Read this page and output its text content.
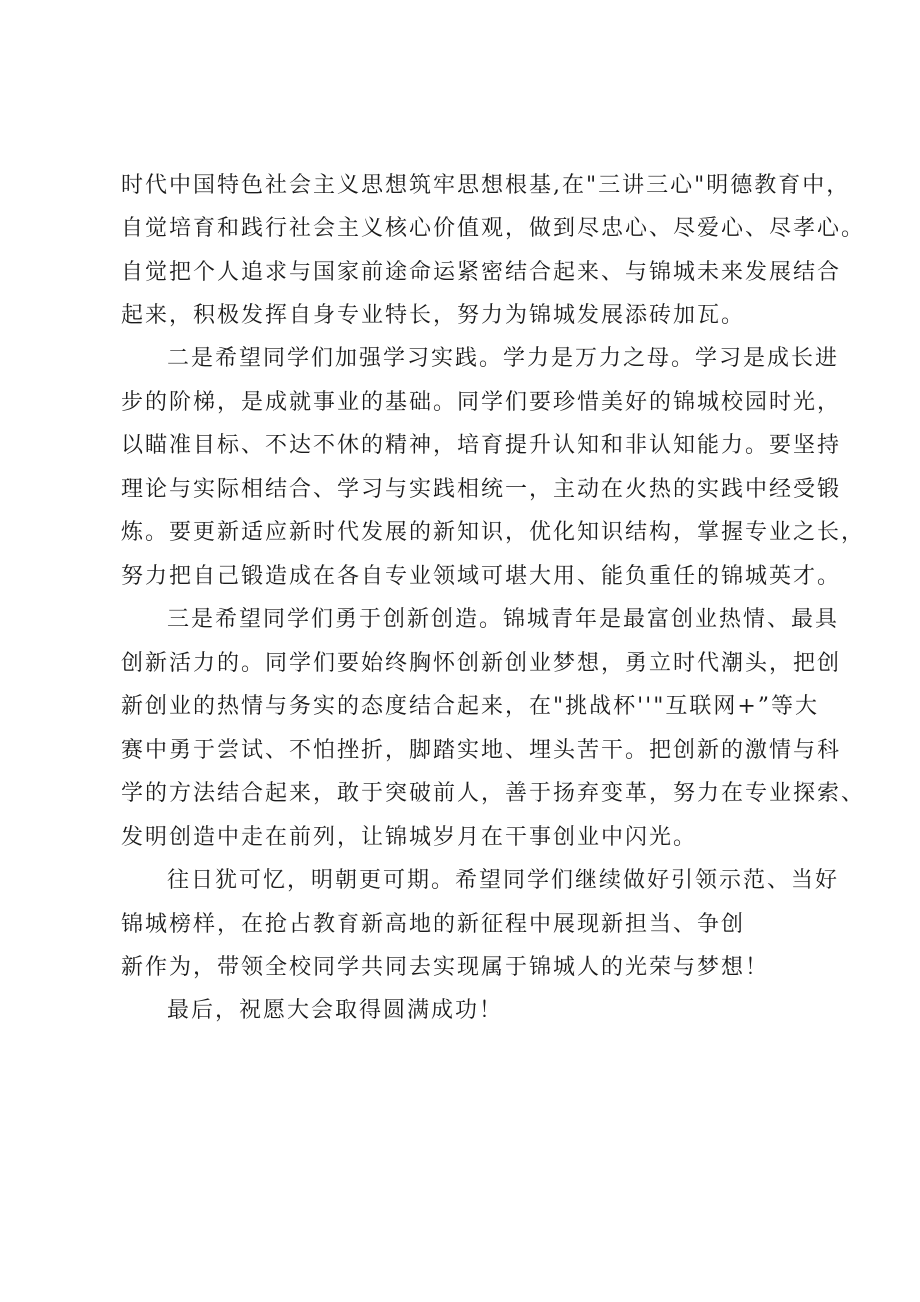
时代中国特色社会主义思想筑牢思想根基,在"三讲三心"明德教育中，
自觉培育和践行社会主义核心价值观，做到尽忠心、尽爱心、尽孝心。
自觉把个人追求与国家前途命运紧密结合起来、与锦城未来发展结合
起来，积极发挥自身专业特长，努力为锦城发展添砖加瓦。
二是希望同学们加强学习实践。学力是万力之母。学习是成长进
步的阶梯，是成就事业的基础。同学们要珍惜美好的锦城校园时光，
以瞄准目标、不达不休的精神，培育提升认知和非认知能力。要坚持
理论与实际相结合、学习与实践相统一，主动在火热的实践中经受锻
炼。要更新适应新时代发展的新知识，优化知识结构，掌握专业之长，
努力把自己锻造成在各自专业领域可堪大用、能负重任的锦城英才。
三是希望同学们勇于创新创造。锦城青年是最富创业热情、最具
创新活力的。同学们要始终胸怀创新创业梦想，勇立时代潮头，把创
新创业的热情与务实的态度结合起来，在"挑战杯''"互联网+”等大
赛中勇于尝试、不怕挫折，脚踏实地、埋头苦干。把创新的激情与科
学的方法结合起来，敢于突破前人，善于扬弃变革，努力在专业探索、
发明创造中走在前列，让锦城岁月在干事创业中闪光。
往日犹可忆，明朝更可期。希望同学们继续做好引领示范、当好
锦城榜样，在抢占教育新高地的新征程中展现新担当、争创
新作为，带领全校同学共同去实现属于锦城人的光荣与梦想！
最后，祝愿大会取得圆满成功！
